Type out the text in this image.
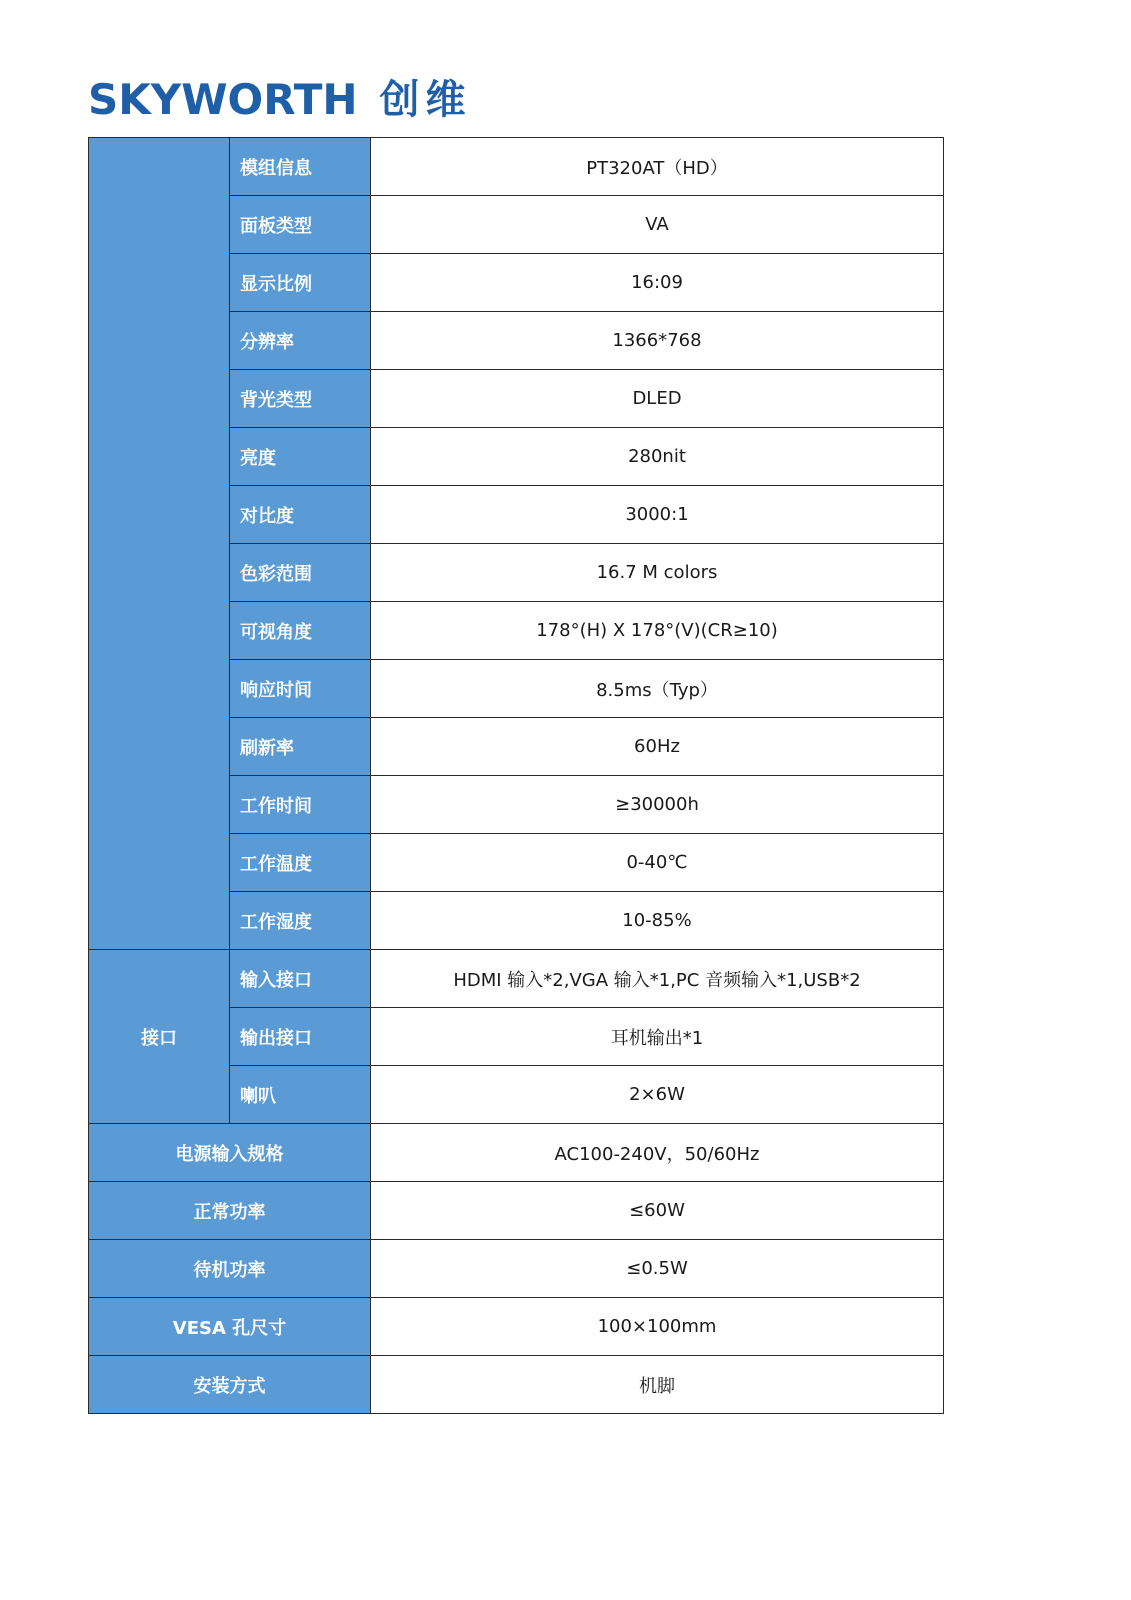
SKYWORTH 创维
	模组信息	PT320AT（HD）
	面板类型	VA
	显示比例	16:09
	分辨率	1366*768
	背光类型	DLED
	亮度	280nit
	对比度	3000:1
	色彩范围	16.7 M colors
	可视角度	178°(H) X 178°(V)(CR≥10)
	响应时间	8.5ms（Typ）
	刷新率	60Hz
	工作时间	≥30000h
	工作温度	0-40℃
	工作湿度	10-85%
接口	输入接口	HDMI 输入*2,VGA 输入*1,PC 音频输入*1,USB*2
	输出接口	耳机输出*1
	喇叭	2×6W
电源输入规格		AC100-240V，50/60Hz
正常功率		≤60W
待机功率		≤0.5W
VESA 孔尺寸		100×100mm
安装方式		机脚
